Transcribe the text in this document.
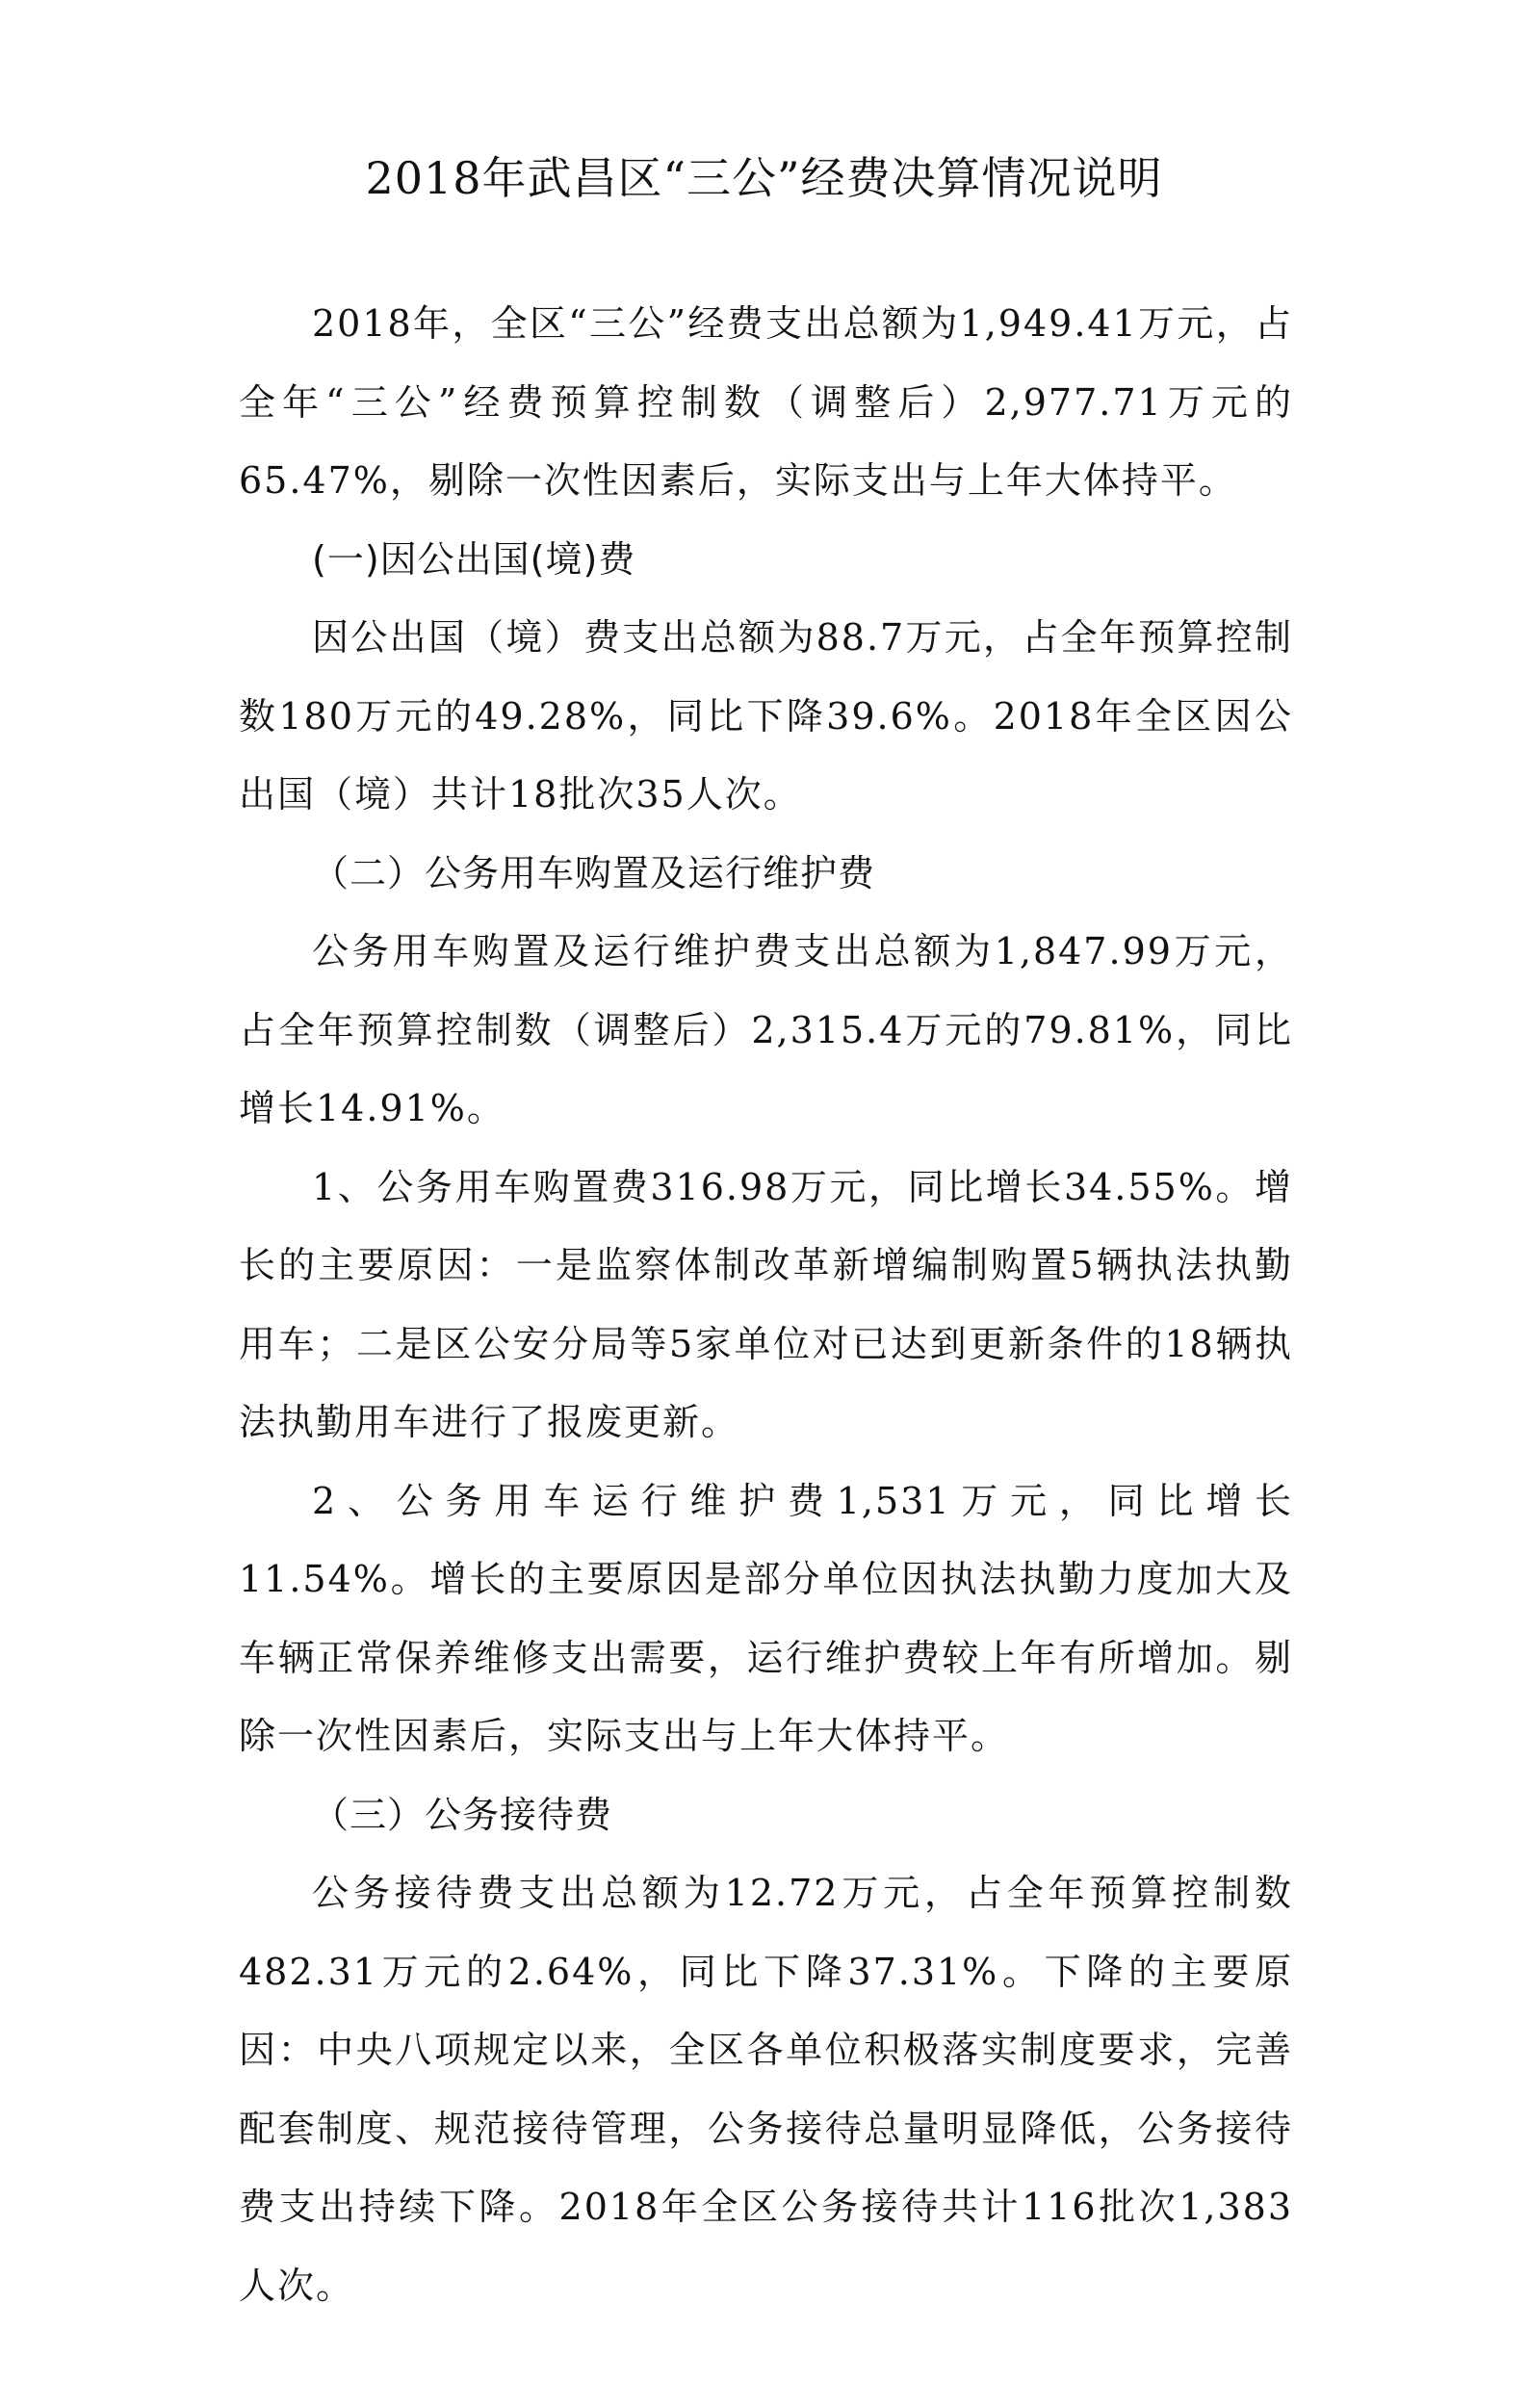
2018年武昌区“三公”经费决算情况说明

2018年，全区“三公”经费支出总额为1,949.41万元，占全年“三公”经费预算控制数（调整后）2,977.71万元的65.47%，剔除一次性因素后，实际支出与上年大体持平。

(一)因公出国(境)费

因公出国（境）费支出总额为88.7万元，占全年预算控制数180万元的49.28%，同比下降39.6%。2018年全区因公出国（境）共计18批次35人次。

（二）公务用车购置及运行维护费

公务用车购置及运行维护费支出总额为1,847.99万元，占全年预算控制数（调整后）2,315.4万元的79.81%，同比增长14.91%。

1、公务用车购置费316.98万元，同比增长34.55%。增长的主要原因：一是监察体制改革新增编制购置5辆执法执勤用车；二是区公安分局等5家单位对已达到更新条件的18辆执法执勤用车进行了报废更新。

2、公务用车运行维护费1,531万元，同比增长11.54%。增长的主要原因是部分单位因执法执勤力度加大及车辆正常保养维修支出需要，运行维护费较上年有所增加。剔除一次性因素后，实际支出与上年大体持平。

（三）公务接待费

公务接待费支出总额为12.72万元，占全年预算控制数482.31万元的2.64%，同比下降37.31%。下降的主要原因：中央八项规定以来，全区各单位积极落实制度要求，完善配套制度、规范接待管理，公务接待总量明显降低，公务接待费支出持续下降。2018年全区公务接待共计116批次1,383人次。
